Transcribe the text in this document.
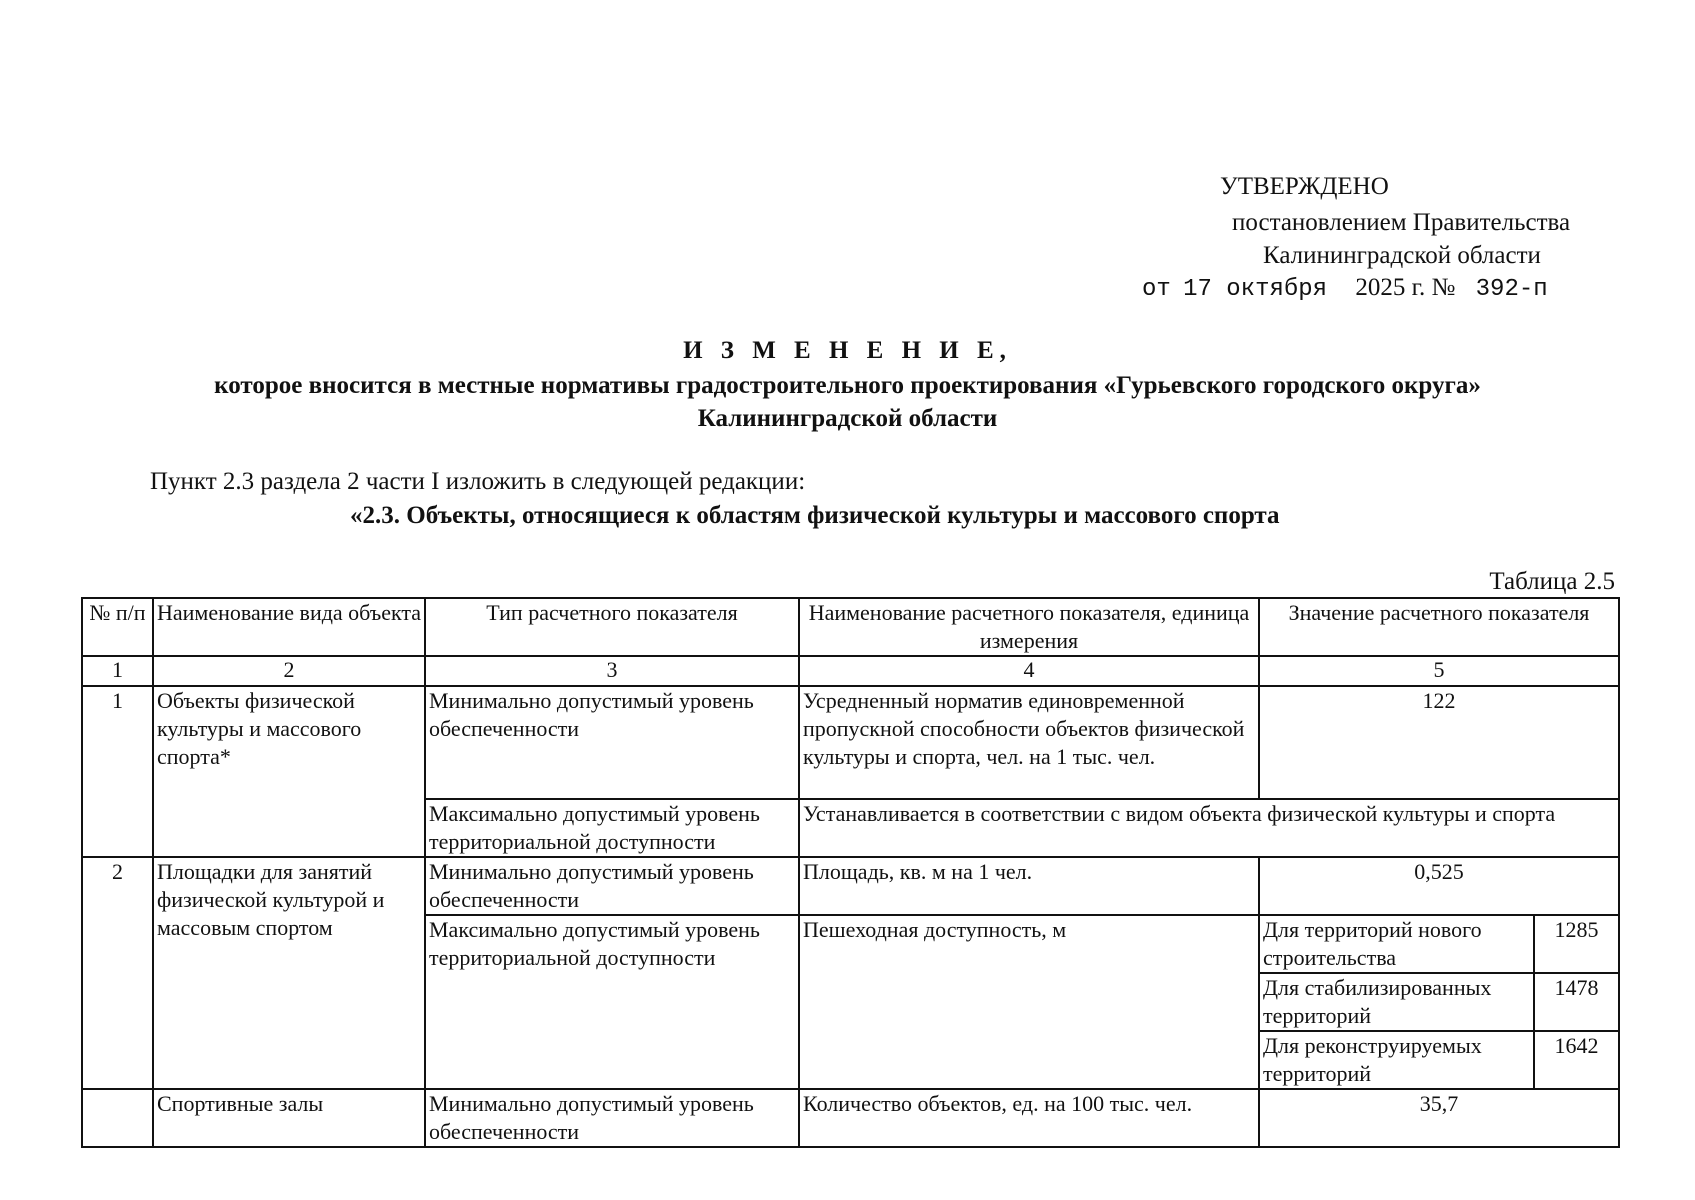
УТВЕРЖДЕНО
постановлением Правительства
Калининградской области
от 17 октября 2025 г. № 392-п
И З М Е Н Е Н И Е,
которое вносится в местные нормативы градостроительного проектирования «Гурьевского городского округа»
Калининградской области
Пункт 2.3 раздела 2 части I изложить в следующей редакции:
«2.3. Объекты, относящиеся к областям физической культуры и массового спорта
Таблица 2.5
№ п/п	Наименование вида объекта	Тип расчетного показателя	Наименование расчетного показателя, единица измерения	Значение расчетного показателя
1	2	3	4	5
1	Объекты физической культуры и массового спорта*	Минимально допустимый уровень обеспеченности	Усредненный норматив единовременной пропускной способности объектов физической культуры и спорта, чел. на 1 тыс. чел.	122
Максимально допустимый уровень территориальной доступности	Устанавливается в соответствии с видом объекта физической культуры и спорта
2	Площадки для занятий физической культурой и массовым спортом	Минимально допустимый уровень обеспеченности	Площадь, кв. м на 1 чел.	0,525
Максимально допустимый уровень территориальной доступности	Пешеходная доступность, м		Для территорий нового строительства	1285
Для стабилизированных территорий	1478
Для реконструируемых территорий	1642

	Спортивные залы	Минимально допустимый уровень обеспеченности	Количество объектов, ед. на 100 тыс. чел.	35,7
